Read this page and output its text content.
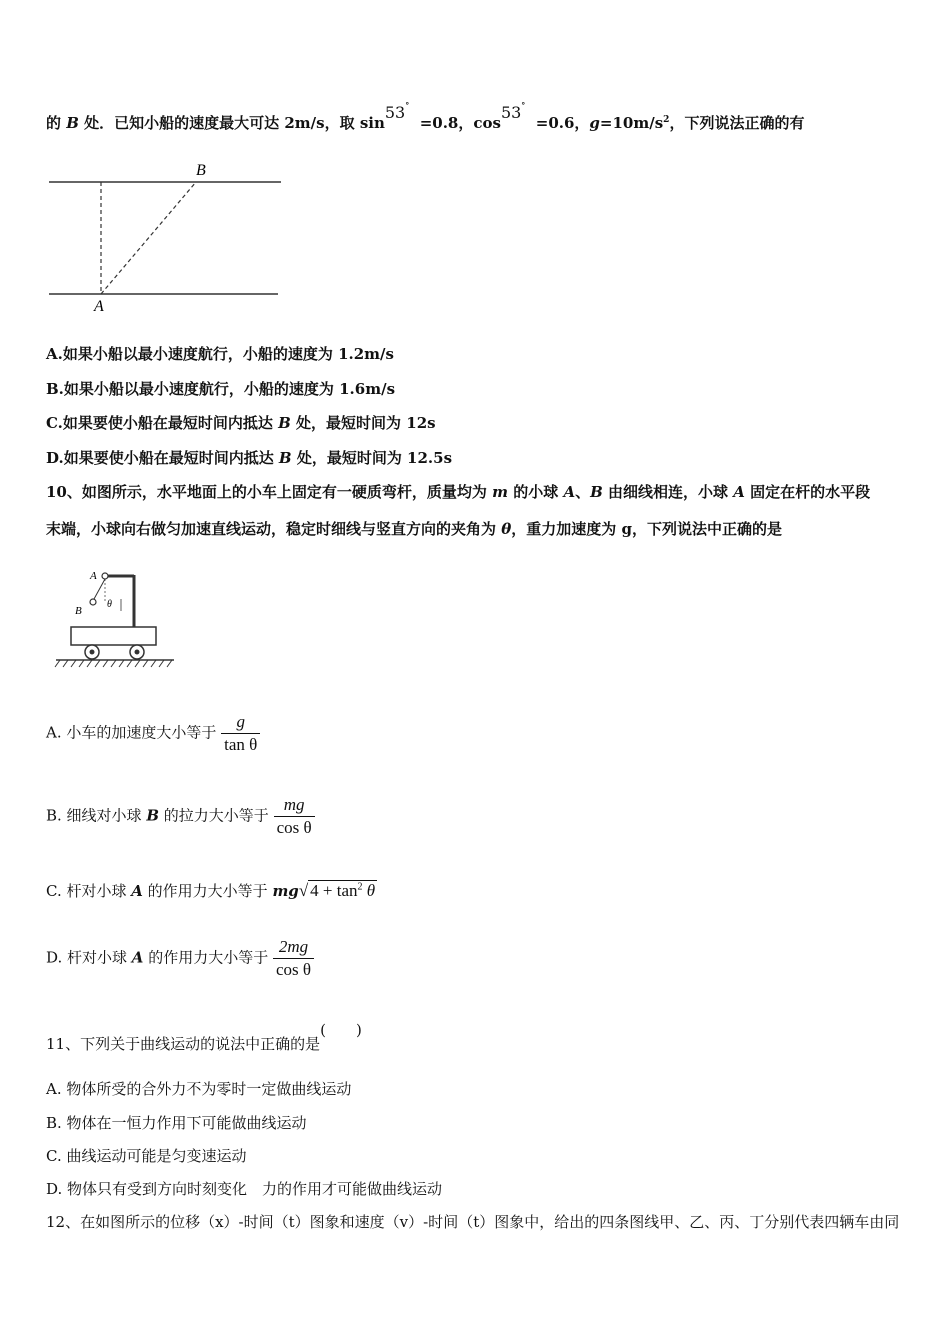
的 B 处．已知小船的速度最大可达 2m/s，取 sin53°  =0.8，cos53°  =0.6，$g=10m/s^2$，下列说法正确的有
B
A
A.如果小船以最小速度航行，小船的速度为 1.2m/s
B.如果小船以最小速度航行，小船的速度为 1.6m/s
C.如果要使小船在最短时间内抵达 B 处，最短时间为 12s
D.如果要使小船在最短时间内抵达 B 处，最短时间为 12.5s
10、如图所示，水平地面上的小车上固定有一硬质弯杆，质量均为 m 的小球 A、B 由细线相连，小球 A 固定在杆的水平段
末端，小球向右做匀加速直线运动，稳定时细线与竖直方向的夹角为 θ，重力加速度为 g，下列说法中正确的是
A
B
θ
A. 小车的加速度大小等于 $\frac{g}{\text{tan θ}}$
B. 细线对小球 B 的拉力大小等于 $\frac{mg}{\text{cos θ}}$
C. 杆对小球 A 的作用力大小等于 mg√ $4 + \tan^2 \theta$
D. 杆对小球 A 的作用力大小等于 $\frac{2mg}{\text{cos θ}}$
11、下列关于曲线运动的说法中正确的是(　　)
A. 物体所受的合外力不为零时一定做曲线运动
B. 物体在一恒力作用下可能做曲线运动
C. 曲线运动可能是匀变速运动
D. 物体只有受到方向时刻变化　力的作用才可能做曲线运动
12、在如图所示的位移（x）-时间（t）图象和速度（v）-时间（t）图象中，给出的四条图线甲、乙、丙、丁分别代表四辆车由同
